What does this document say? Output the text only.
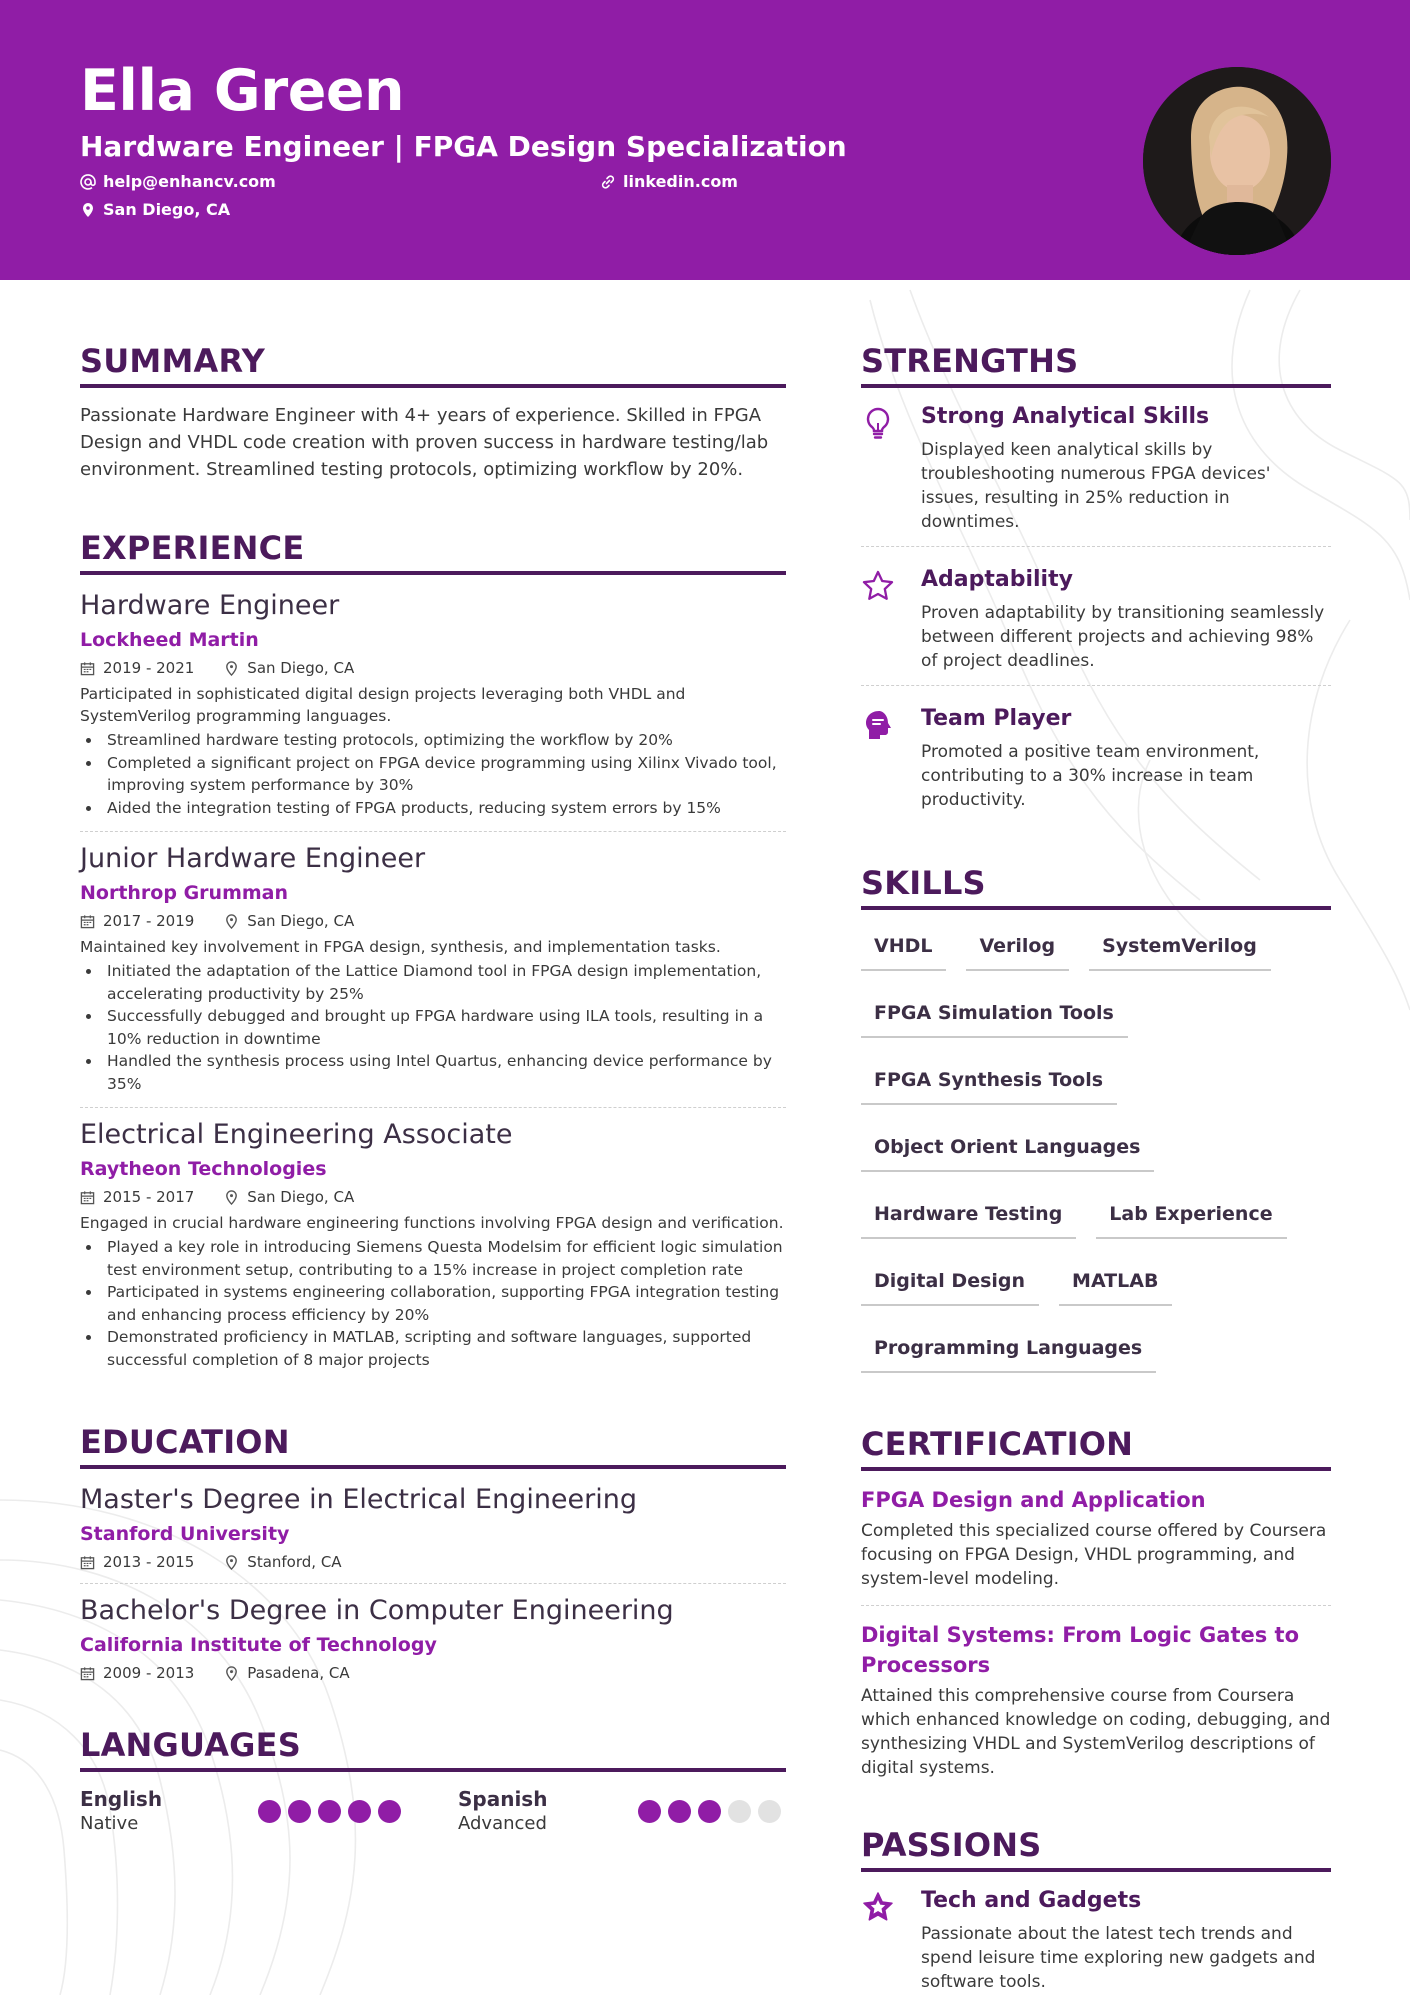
Ella Green
Hardware Engineer | FPGA Design Specialization
help@enhancv.com	linkedin.com
San Diego, CA
SUMMARY
Passionate Hardware Engineer with 4+ years of experience. Skilled in FPGA Design and VHDL code creation with proven success in hardware testing/lab environment. Streamlined testing protocols, optimizing workflow by 20%.
EXPERIENCE
Hardware Engineer
Lockheed Martin
2019 - 2021	San Diego, CA
Participated in sophisticated digital design projects leveraging both VHDL and SystemVerilog programming languages.
Streamlined hardware testing protocols, optimizing the workflow by 20%
Completed a significant project on FPGA device programming using Xilinx Vivado tool, improving system performance by 30%
Aided the integration testing of FPGA products, reducing system errors by 15%
Junior Hardware Engineer
Northrop Grumman
2017 - 2019	San Diego, CA
Maintained key involvement in FPGA design, synthesis, and implementation tasks.
Initiated the adaptation of the Lattice Diamond tool in FPGA design implementation, accelerating productivity by 25%
Successfully debugged and brought up FPGA hardware using ILA tools, resulting in a 10% reduction in downtime
Handled the synthesis process using Intel Quartus, enhancing device performance by 35%
Electrical Engineering Associate
Raytheon Technologies
2015 - 2017	San Diego, CA
Engaged in crucial hardware engineering functions involving FPGA design and verification.
Played a key role in introducing Siemens Questa Modelsim for efficient logic simulation test environment setup, contributing to a 15% increase in project completion rate
Participated in systems engineering collaboration, supporting FPGA integration testing and enhancing process efficiency by 20%
Demonstrated proficiency in MATLAB, scripting and software languages, supported successful completion of 8 major projects
EDUCATION
Master's Degree in Electrical Engineering
Stanford University
2013 - 2015	Stanford, CA
Bachelor's Degree in Computer Engineering
California Institute of Technology
2009 - 2013	Pasadena, CA
LANGUAGES
English
Native
Spanish
Advanced
STRENGTHS
Strong Analytical Skills

Displayed keen analytical skills by troubleshooting numerous FPGA devices' issues, resulting in 25% reduction in downtimes.

Adaptability

Proven adaptability by transitioning seamlessly between different projects and achieving 98% of project deadlines.

Team Player

Promoted a positive team environment, contributing to a 30% increase in team productivity.

SKILLS
VHDL	Verilog	SystemVerilog
FPGA Simulation Tools
FPGA Synthesis Tools
Object Orient Languages
Hardware Testing	Lab Experience
Digital Design	MATLAB
Programming Languages
CERTIFICATION
FPGA Design and Application

Completed this specialized course offered by Coursera focusing on FPGA Design, VHDL programming, and system-level modeling.

Digital Systems: From Logic Gates to Processors

Attained this comprehensive course from Coursera which enhanced knowledge on coding, debugging, and synthesizing VHDL and SystemVerilog descriptions of digital systems.

PASSIONS
Tech and Gadgets

Passionate about the latest tech trends and spend leisure time exploring new gadgets and software tools.
